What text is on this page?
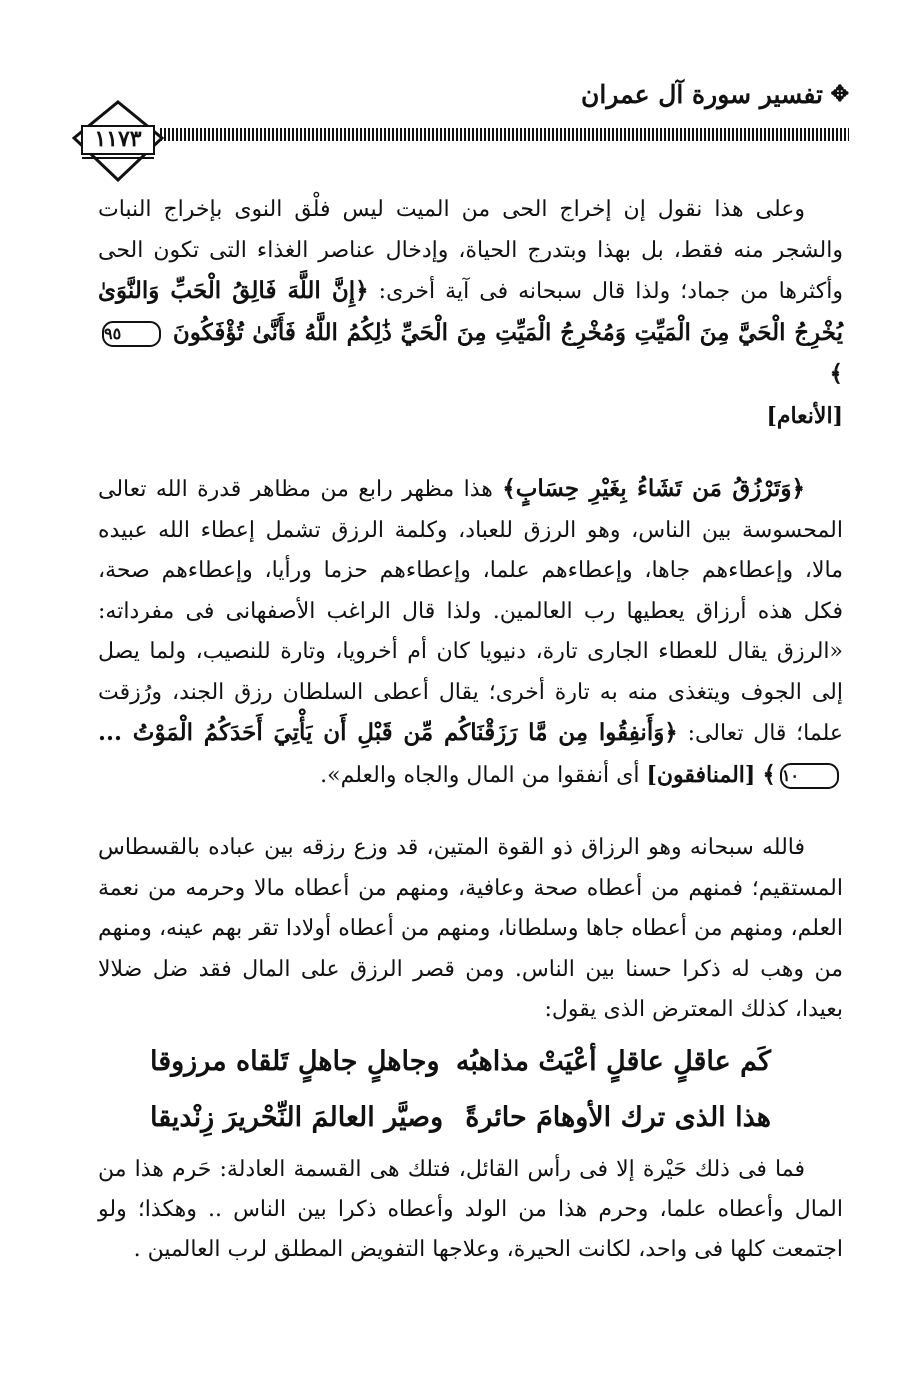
✥
تفسير سورة آل عمران
١١٧٣

وعلى هذا نقول إن إخراج الحى من الميت ليس فلْق النوى بإخراج النبات والشجر منه فقط، بل بهذا وبتدرج الحياة، وإدخال عناصر الغذاء التى تكون الحى وأكثرها من جماد؛ ولذا قال سبحانه فى آية أخرى: ﴿إِنَّ اللَّهَ فَالِقُ الْحَبِّ وَالنَّوَىٰ يُخْرِجُ الْحَيَّ مِنَ الْمَيِّتِ وَمُخْرِجُ الْمَيِّتِ مِنَ الْحَيِّ ذَٰلِكُمُ اللَّهُ فَأَنَّىٰ تُؤْفَكُونَ ٩٥﴾
[الأنعام]

﴿وَتَرْزُقُ مَن تَشَاءُ بِغَيْرِ حِسَابٍ﴾ هذا مظهر رابع من مظاهر قدرة الله تعالى المحسوسة بين الناس، وهو الرزق للعباد، وكلمة الرزق تشمل إعطاء الله عبيده مالا، وإعطاءهم جاها، وإعطاءهم علما، وإعطاءهم حزما ورأيا، وإعطاءهم صحة، فكل هذه أرزاق يعطيها رب العالمين. ولذا قال الراغب الأصفهانى فى مفرداته: «الرزق يقال للعطاء الجارى تارة، دنيويا كان أم أخرويا، وتارة للنصيب، ولما يصل إلى الجوف ويتغذى منه به تارة أخرى؛ يقال أعطى السلطان رزق الجند، ورُزقت علما؛ قال تعالى: ﴿وَأَنفِقُوا مِن مَّا رَزَقْنَاكُم مِّن قَبْلِ أَن يَأْتِيَ أَحَدَكُمُ الْمَوْتُ ... ١٠﴾ [المنافقون] أى أنفقوا من المال والجاه والعلم».

فالله سبحانه وهو الرزاق ذو القوة المتين، قد وزع رزقه بين عباده بالقسطاس المستقيم؛ فمنهم من أعطاه صحة وعافية، ومنهم من أعطاه مالا وحرمه من نعمة العلم، ومنهم من أعطاه جاها وسلطانا، ومنهم من أعطاه أولادا تقر بهم عينه، ومنهم من وهب له ذكرا حسنا بين الناس. ومن قصر الرزق على المال فقد ضل ضلالا بعيدا، كذلك المعترض الذى يقول:

كَم عاقلٍ عاقلٍ أعْيَتْ مذاهبُه
وجاهلٍ جاهلٍ تَلقاه مرزوقا
هذا الذى ترك الأوهامَ حائرةً
وصيَّر العالمَ النِّحْريرَ زِنْديقا

فما فى ذلك حَيْرة إلا فى رأس القائل، فتلك هى القسمة العادلة: حَرم هذا من المال وأعطاه علما، وحرم هذا من الولد وأعطاه ذكرا بين الناس .. وهكذا؛ ولو اجتمعت كلها فى واحد، لكانت الحيرة، وعلاجها التفويض المطلق لرب العالمين .
